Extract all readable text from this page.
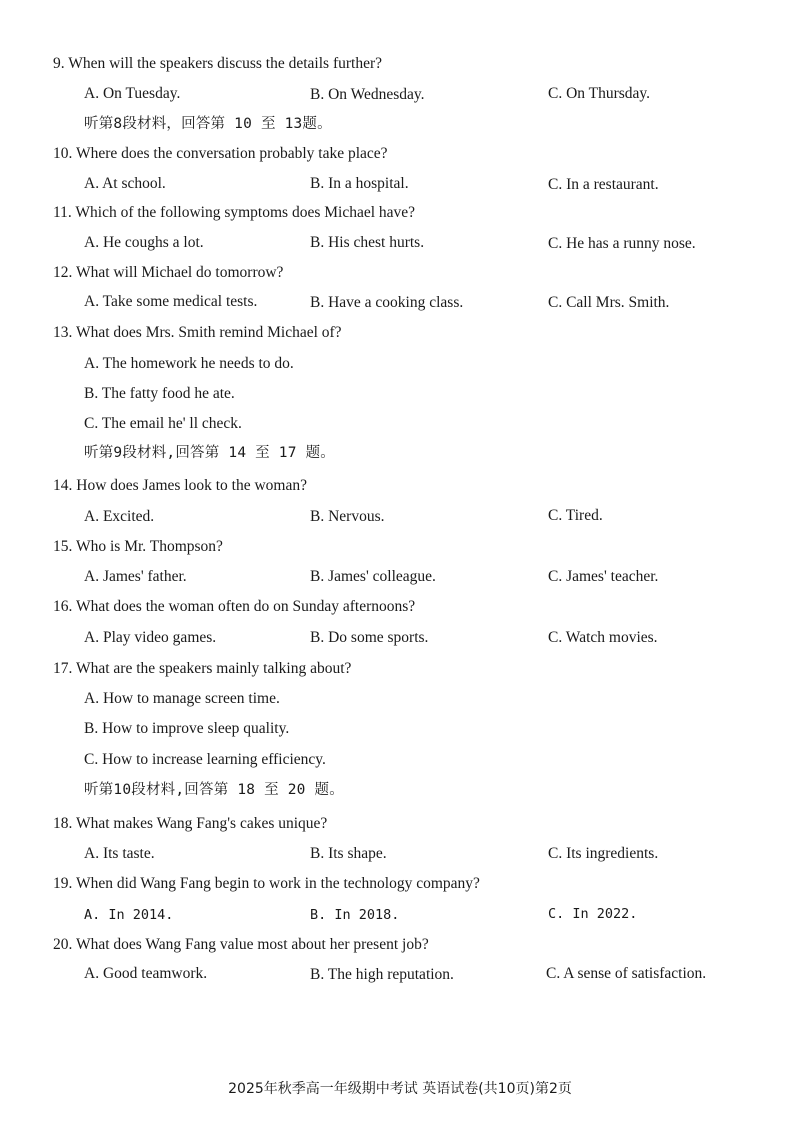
9. When will the speakers discuss the details further?
A. On Tuesday.	B. On Wednesday.	C. On Thursday.
听第8段材料，回答第 10 至 13题。
10. Where does the conversation probably take place?
A. At school.	B. In a hospital.	C. In a restaurant.
11. Which of the following symptoms does Michael have?
A. He coughs a lot.	B. His chest hurts.	C. He has a runny nose.
12. What will Michael do tomorrow?
A. Take some medical tests.	B. Have a cooking class.	C. Call Mrs. Smith.
13. What does Mrs. Smith remind Michael of?
A. The homework he needs to do.
B. The fatty food he ate.
C. The email he' ll check.
听第9段材料,回答第 14 至 17 题。
14. How does James look to the woman?
A. Excited.	B. Nervous.	C. Tired.
15. Who is Mr. Thompson?
A. James' father.	B. James' colleague.	C. James' teacher.
16. What does the woman often do on Sunday afternoons?
A. Play video games.	B. Do some sports.	C. Watch movies.
17. What are the speakers mainly talking about?
A. How to manage screen time.
B. How to improve sleep quality.
C. How to increase learning efficiency.
听第10段材料,回答第 18 至 20 题。
18. What makes Wang Fang's cakes unique?
A. Its taste.	B. Its shape.	C. Its ingredients.
19. When did Wang Fang begin to work in the technology company?
A. In 2014.	B. In 2018.	C. In 2022.
20. What does Wang Fang value most about her present job?
A. Good teamwork.	B. The high reputation.	C. A sense of satisfaction.
2025年秋季高一年级期中考试 英语试卷(共10页)第2页
